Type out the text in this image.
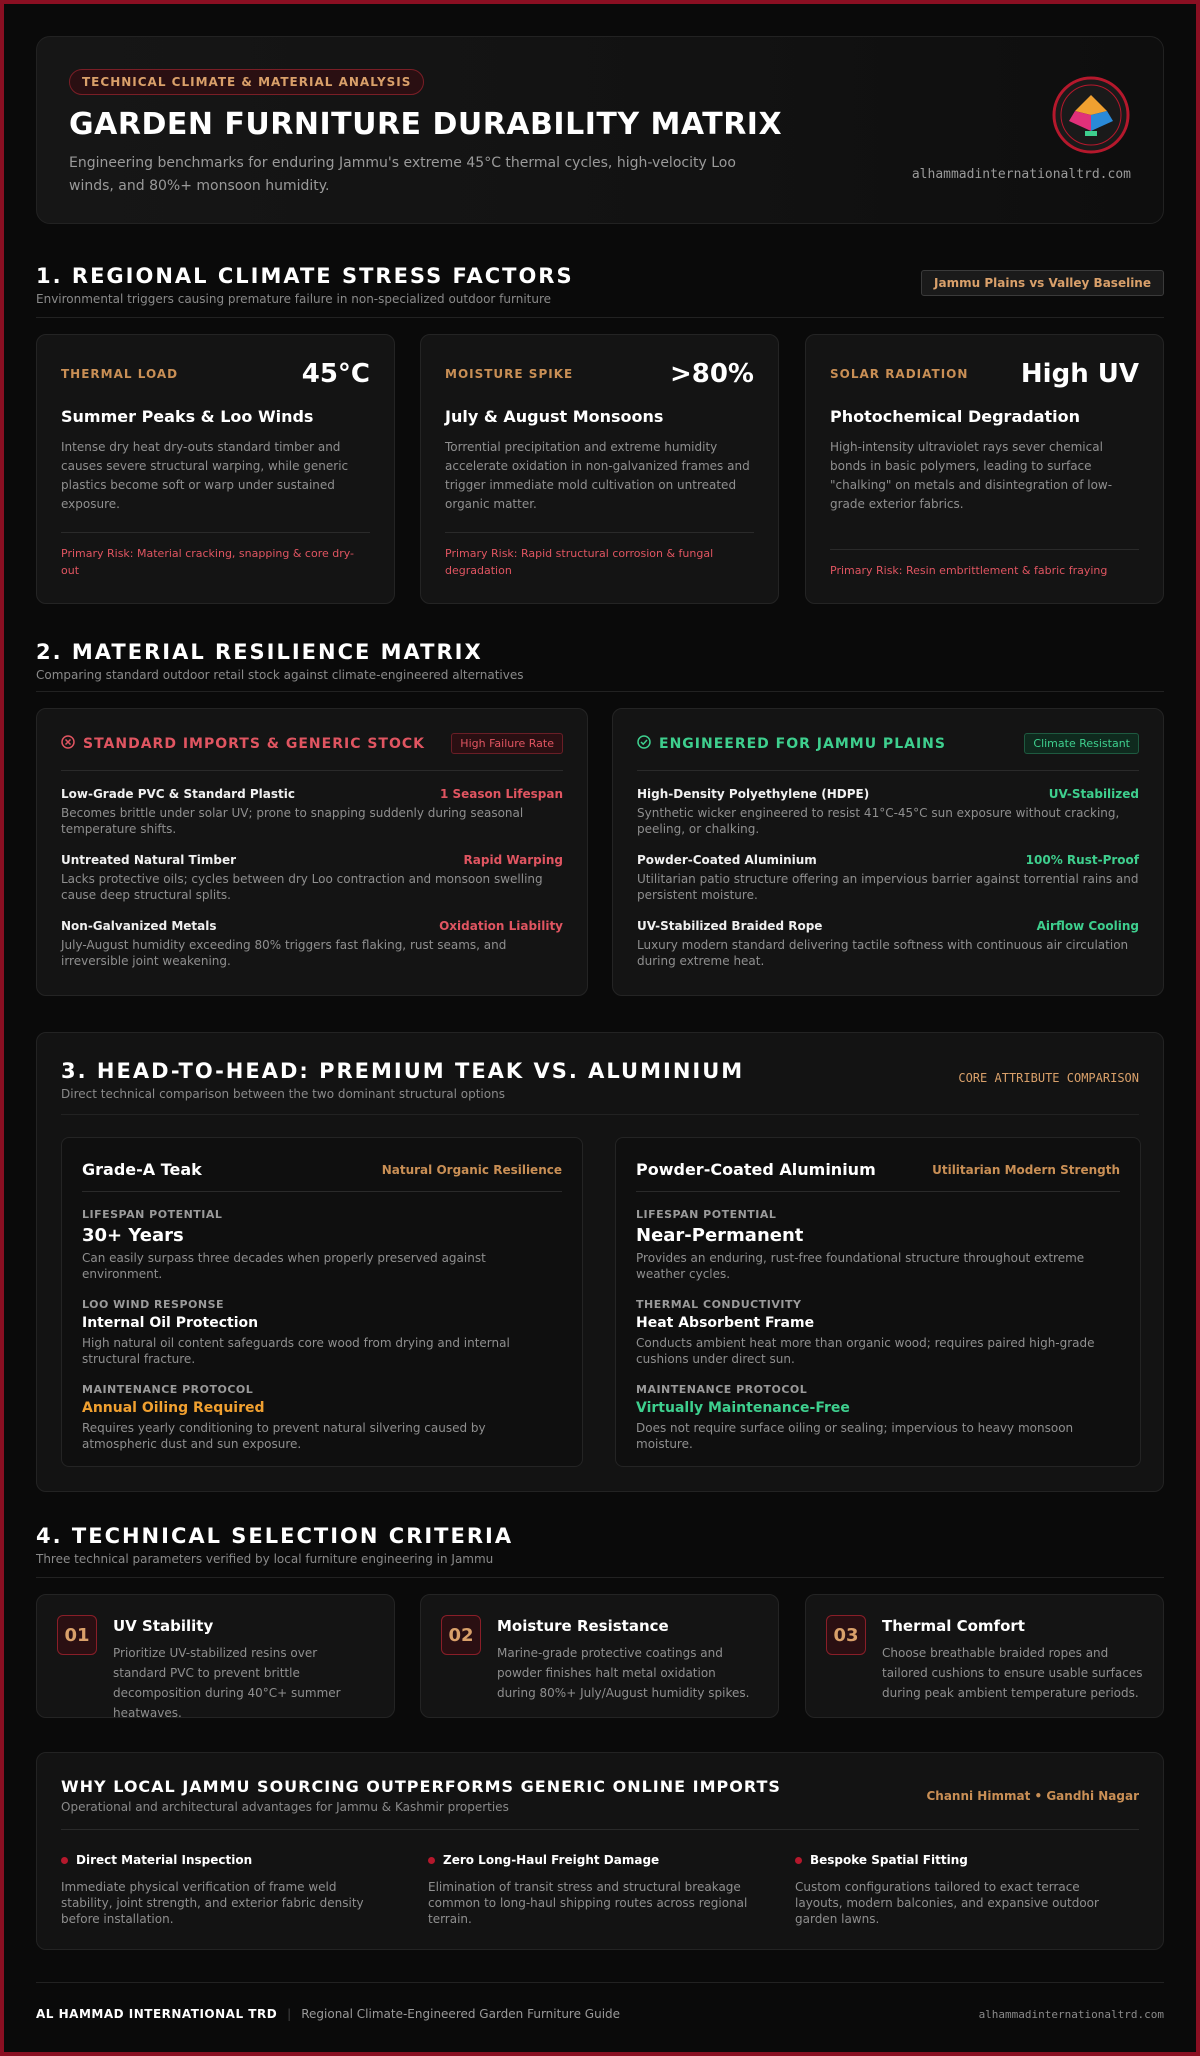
TECHNICAL CLIMATE & MATERIAL ANALYSIS
GARDEN FURNITURE DURABILITY MATRIX

Engineering benchmarks for enduring Jammu's extreme 45°C thermal cycles, high-velocity Loo winds, and 80%+ monsoon humidity.

alhammadinternationaltrd.com
1. REGIONAL CLIMATE STRESS FACTORS
Environmental triggers causing premature failure in non-specialized outdoor furniture
Jammu Plains vs Valley Baseline
THERMAL LOAD	45°C
Summer Peaks & Loo Winds
Intense dry heat dry-outs standard timber and causes severe structural warping, while generic plastics become soft or warp under sustained exposure.
Primary Risk: Material cracking, snapping & core dry-out
MOISTURE SPIKE	>80%
July & August Monsoons
Torrential precipitation and extreme humidity accelerate oxidation in non-galvanized frames and trigger immediate mold cultivation on untreated organic matter.
Primary Risk: Rapid structural corrosion & fungal degradation
SOLAR RADIATION High UV
Photochemical Degradation
High-intensity ultraviolet rays sever chemical bonds in basic polymers, leading to surface "chalking" on metals and disintegration of low-grade exterior fabrics.
Primary Risk: Resin embrittlement & fabric fraying
2. MATERIAL RESILIENCE MATRIX
Comparing standard outdoor retail stock against climate-engineered alternatives
STANDARD IMPORTS & GENERIC STOCK	High Failure Rate
Low-Grade PVC & Standard Plastic	1 Season Lifespan
Becomes brittle under solar UV; prone to snapping suddenly during seasonal temperature shifts.
Untreated Natural Timber	Rapid Warping
Lacks protective oils; cycles between dry Loo contraction and monsoon swelling cause deep structural splits.
Non-Galvanized Metals	Oxidation Liability
July-August humidity exceeding 80% triggers fast flaking, rust seams, and irreversible joint weakening.
ENGINEERED FOR JAMMU PLAINS	Climate Resistant
High-Density Polyethylene (HDPE)	UV-Stabilized
Synthetic wicker engineered to resist 41°C-45°C sun exposure without cracking, peeling, or chalking.
Powder-Coated Aluminium	100% Rust-Proof
Utilitarian patio structure offering an impervious barrier against torrential rains and persistent moisture.
UV-Stabilized Braided Rope	Airflow Cooling
Luxury modern standard delivering tactile softness with continuous air circulation during extreme heat.
3. HEAD-TO-HEAD: PREMIUM TEAK VS. ALUMINIUM
Direct technical comparison between the two dominant structural options
CORE ATTRIBUTE COMPARISON
Grade-A Teak	Natural Organic Resilience
LIFESPAN POTENTIAL
30+ Years
Can easily surpass three decades when properly preserved against environment.
LOO WIND RESPONSE
Internal Oil Protection
High natural oil content safeguards core wood from drying and internal structural fracture.
MAINTENANCE PROTOCOL
Annual Oiling Required
Requires yearly conditioning to prevent natural silvering caused by atmospheric dust and sun exposure.
Powder-Coated Aluminium	Utilitarian Modern Strength
LIFESPAN POTENTIAL
Near-Permanent
Provides an enduring, rust-free foundational structure throughout extreme weather cycles.
THERMAL CONDUCTIVITY
Heat Absorbent Frame
Conducts ambient heat more than organic wood; requires paired high-grade cushions under direct sun.
MAINTENANCE PROTOCOL
Virtually Maintenance-Free
Does not require surface oiling or sealing; impervious to heavy monsoon moisture.
4. TECHNICAL SELECTION CRITERIA
Three technical parameters verified by local furniture engineering in Jammu
01	UV Stability
Prioritize UV-stabilized resins over standard PVC to prevent brittle decomposition during 40°C+ summer heatwaves.
02	Moisture Resistance
Marine-grade protective coatings and powder finishes halt metal oxidation during 80%+ July/August humidity spikes.
03	Thermal Comfort
Choose breathable braided ropes and tailored cushions to ensure usable surfaces during peak ambient temperature periods.
WHY LOCAL JAMMU SOURCING OUTPERFORMS GENERIC ONLINE IMPORTS
Operational and architectural advantages for Jammu & Kashmir properties
Channi Himmat • Gandhi Nagar
Direct Material Inspection
Immediate physical verification of frame weld stability, joint strength, and exterior fabric density before installation.
Zero Long-Haul Freight Damage
Elimination of transit stress and structural breakage common to long-haul shipping routes across regional terrain.
Bespoke Spatial Fitting
Custom configurations tailored to exact terrace layouts, modern balconies, and expansive outdoor garden lawns.
AL HAMMAD INTERNATIONAL TRD | Regional Climate-Engineered Garden Furniture Guide	alhammadinternationaltrd.com
